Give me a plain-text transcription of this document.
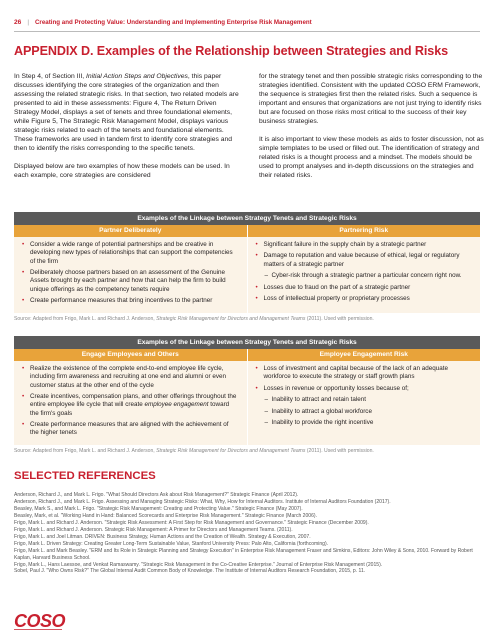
26 | Creating and Protecting Value: Understanding and Implementing Enterprise Risk Management
APPENDIX D. Examples of the Relationship between Strategies and Risks

In Step 4, of Section III, Initial Action Steps and Objectives, this paper discusses identifying the core strategies of the organization and then assessing the related strategic risks. In that section, two related models are presented to aid in these assessments: Figure 4, The Return Driven Strategy Model, displays a set of tenets and three foundational elements, while Figure 5, The Strategic Risk Management Model, displays various strategic risks related to each of the tenets and foundational elements. These frameworks are used in tandem first to identify core strategies and then to identify the risks corresponding to the specific tenets.

Displayed below are two examples of how these models can be used. In each example, core strategies are considered

for the strategy tenet and then possible strategic risks corresponding to the strategies identified. Consistent with the updated COSO ERM Framework, the sequence is strategies first then the related risks. Such a sequence is important and ensures that organizations are not just trying to identify risks but are focused on those risks most critical to the success of their key business strategies.

It is also important to view these models as aids to foster discussion, not as simple templates to be used or filled out. The identification of strategy and related risks is a thought process and a mindset. The models should be used to prompt analyses and in-depth discussions on the strategies and their related risks.

Examples of the Linkage between Strategy Tenets and Strategic Risks
Partner Deliberately	Partnering Risk
• Consider a wide range of potential partnerships and be creative in developing new types of relationships that can support the competencies of the firm
• Deliberately choose partners based on an assessment of the Genuine Assets brought by each partner and how that can help the firm to build unique offerings as the competency tenets require
• Create performance measures that bring incentives to the partner
• Significant failure in the supply chain by a strategic partner
• Damage to reputation and value because of ethical, legal or regulatory matters of a strategic partner
– Cyber-risk through a strategic partner a particular concern right now.
• Losses due to fraud on the part of a strategic partner
• Loss of intellectual property or proprietary processes
Source: Adapted from Frigo, Mark L. and Richard J. Anderson, Strategic Risk Management for Directors and Management Teams (2011). Used with permission.
Examples of the Linkage between Strategy Tenets and Strategic Risks
Engage Employees and Others	Employee Engagement Risk
• Realize the existence of the complete end-to-end employee life cycle, including firm awareness and recruiting at one end and alumni or even customer status at the other end of the cycle
• Create incentives, compensation plans, and other offerings throughout the entire employee life cycle that will create employee engagement toward the firm's goals
• Create performance measures that are aligned with the achievement of the higher tenets
• Loss of investment and capital because of the lack of an adequate workforce to execute the strategy or staff growth plans
• Losses in revenue or opportunity losses because of;
– Inability to attract and retain talent
– Inability to attract a global workforce
– Inability to provide the right incentive
Source: Adapted from Frigo, Mark L. and Richard J. Anderson, Strategic Risk Management for Directors and Management Teams (2011). Used with permission.
SELECTED REFERENCES
Anderson, Richard J., and Mark L. Frigo. "What Should Directors Ask about Risk Management?" Strategic Finance (April 2012).
Anderson, Richard J., and Mark L. Frigo. Assessing and Managing Strategic Risks: What, Why, How for Internal Auditors. Institute of Internal Auditors Foundation (2017).
Beasley, Mark S., and Mark L. Frigo. "Strategic Risk Management: Creating and Protecting Value." Strategic Finance (May 2007).
Beasley, Mark, et al. "Working Hand in Hand: Balanced Scorecards and Enterprise Risk Management." Strategic Finance (March 2006).
Frigo, Mark L. and Richard J. Anderson. "Strategic Risk Assessment: A First Step for Risk Management and Governance." Strategic Finance (December 2009).
Frigo, Mark L. and Richard J. Anderson. Strategic Risk Management: A Primer for Directors and Management Teams. (2011).
Frigo, Mark L. and Joel Litman. DRIVEN: Business Strategy, Human Actions and the Creation of Wealth. Strategy & Execution, 2007.
Frigo, Mark L. Driven Strategy: Creating Greater Long-Term Sustainable Value, Stanford University Press: Palo Alto, California (forthcoming).
Frigo, Mark L. and Mark Beasley. "ERM and Its Role in Strategic Planning and Strategy Execution" in Enterprise Risk Management Fraser and Simkins, Editors: John Wiley & Sons, 2010. Forward by Robert Kaplan, Harvard Business School.
Frigo, Mark L., Hans Laessoe, and Venkat Ramaswamy. "Strategic Risk Management in the Co-Creative Enterprise." Journal of Enterprise Risk Management (2015).
Sobel, Paul J. "Who Owns Risk?" The Global Internal Audit Common Body of Knowledge. The Institute of Internal Auditors Research Foundation, 2015, p. 11.
COSO
